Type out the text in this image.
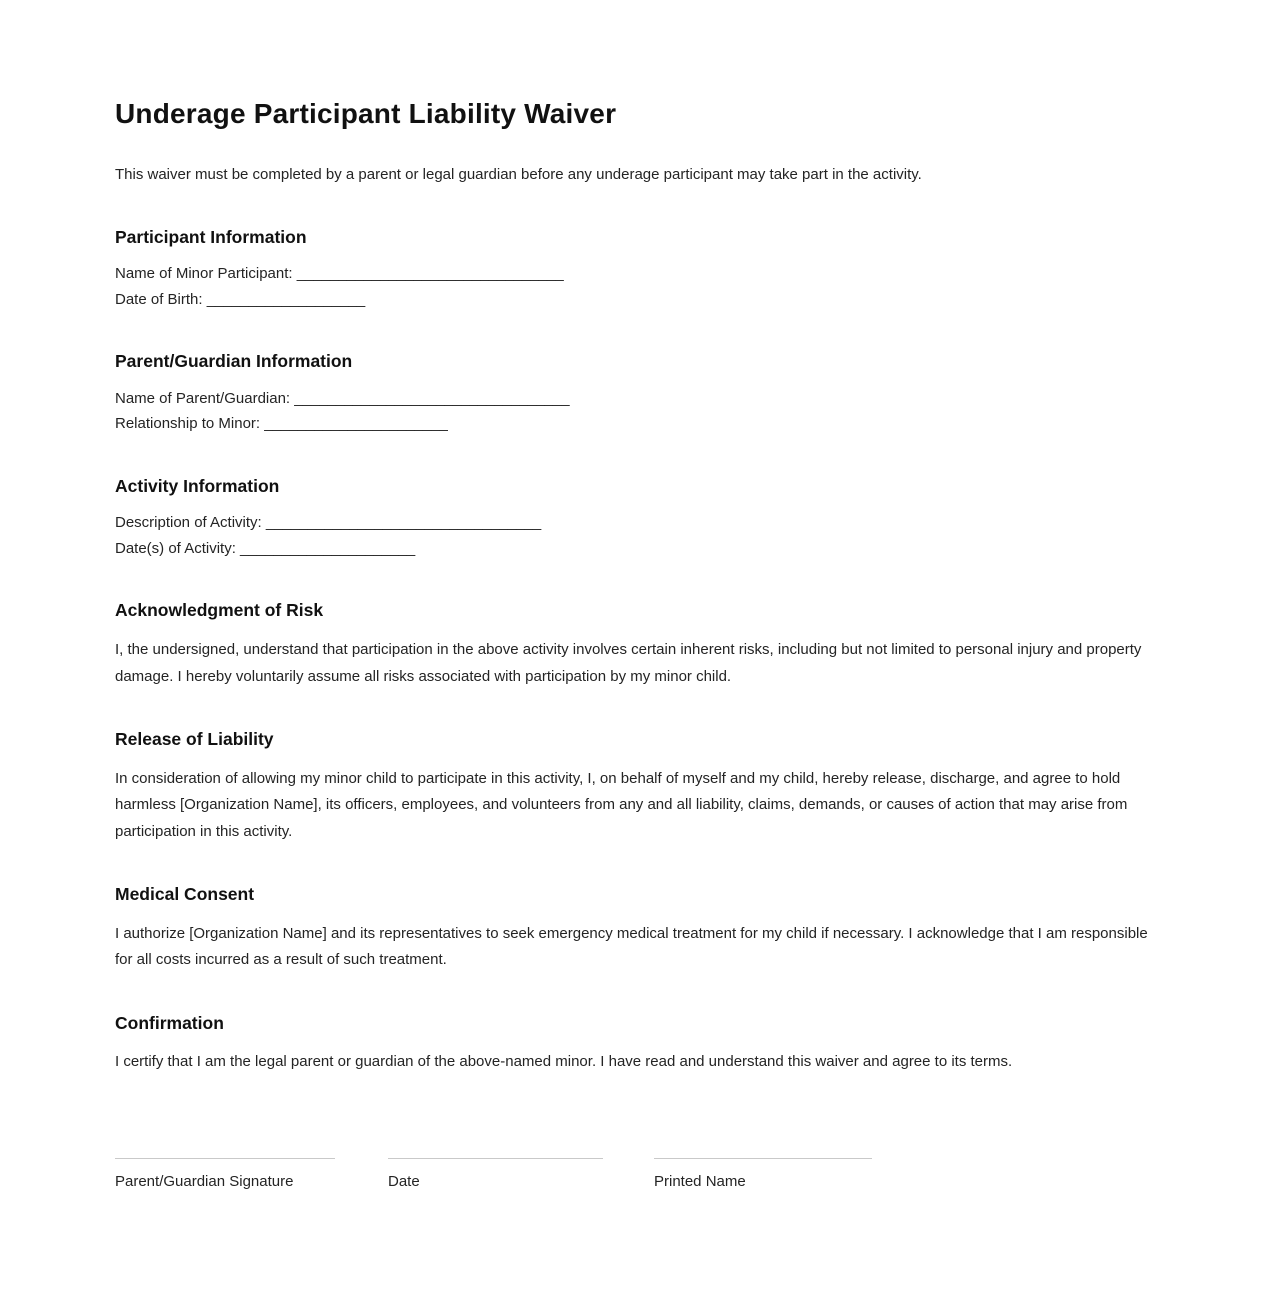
Underage Participant Liability Waiver

This waiver must be completed by a parent or legal guardian before any underage participant may take part in the activity.

Participant Information
Name of Minor Participant: ________________________________
Date of Birth: ___________________
Parent/Guardian Information
Name of Parent/Guardian: _________________________________
Relationship to Minor: ______________________
Activity Information
Description of Activity: _________________________________
Date(s) of Activity: _____________________
Acknowledgment of Risk

I, the undersigned, understand that participation in the above activity involves certain inherent risks, including but not limited to personal injury and property damage. I hereby voluntarily assume all risks associated with participation by my minor child.

Release of Liability

In consideration of allowing my minor child to participate in this activity, I, on behalf of myself and my child, hereby release, discharge, and agree to hold harmless [Organization Name], its officers, employees, and volunteers from any and all liability, claims, demands, or causes of action that may arise from participation in this activity.

Medical Consent

I authorize [Organization Name] and its representatives to seek emergency medical treatment for my child if necessary. I acknowledge that I am responsible for all costs incurred as a result of such treatment.

Confirmation

I certify that I am the legal parent or guardian of the above-named minor. I have read and understand this waiver and agree to its terms.

Parent/Guardian Signature	Date	Printed Name
